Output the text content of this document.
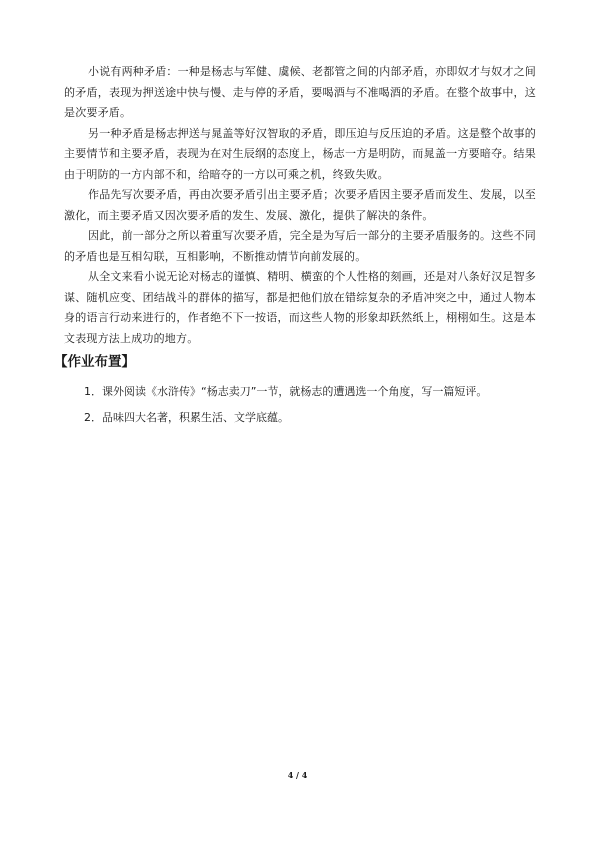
小说有两种矛盾：一种是杨志与军健、虞候、老都管之间的内部矛盾，亦即奴才与奴才之间的矛盾，表现为押送途中快与慢、走与停的矛盾，要喝酒与不准喝酒的矛盾。在整个故事中，这是次要矛盾。

另一种矛盾是杨志押送与晁盖等好汉智取的矛盾，即压迫与反压迫的矛盾。这是整个故事的主要情节和主要矛盾，表现为在对生辰纲的态度上，杨志一方是明防，而晁盖一方要暗夺。结果由于明防的一方内部不和，给暗夺的一方以可乘之机，终致失败。

作品先写次要矛盾，再由次要矛盾引出主要矛盾；次要矛盾因主要矛盾而发生、发展，以至激化，而主要矛盾又因次要矛盾的发生、发展、激化，提供了解决的条件。

因此，前一部分之所以着重写次要矛盾，完全是为写后一部分的主要矛盾服务的。这些不同的矛盾也是互相勾联，互相影响，不断推动情节向前发展的。

从全文来看小说无论对杨志的谨慎、精明、横蛮的个人性格的刻画，还是对八条好汉足智多谋、随机应变、团结战斗的群体的描写，都是把他们放在错综复杂的矛盾冲突之中，通过人物本身的语言行动来进行的，作者绝不下一按语，而这些人物的形象却跃然纸上，栩栩如生。这是本文表现方法上成功的地方。

【作业布置】
1．课外阅读《水浒传》“杨志卖刀”一节，就杨志的遭遇选一个角度，写一篇短评。
2．品味四大名著，积累生活、文学底蕴。
4 / 4
